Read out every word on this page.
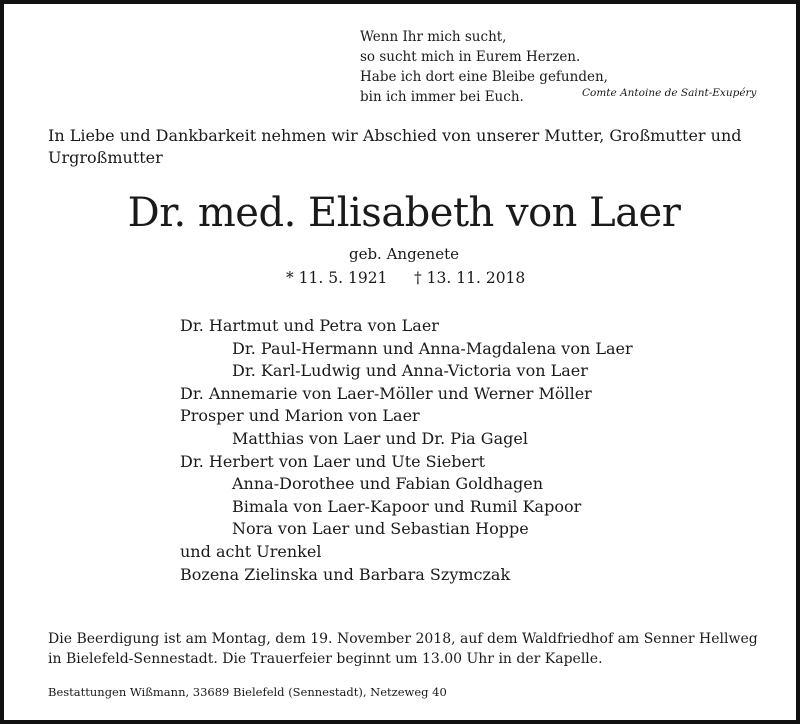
Wenn Ihr mich sucht,
so sucht mich in Eurem Herzen.
Habe ich dort eine Bleibe gefunden,
bin ich immer bei Euch.	Comte Antoine de Saint-Exupéry
In Liebe und Dankbarkeit nehmen wir Abschied von unserer Mutter, Großmutter und
Urgroßmutter
Dr. med. Elisabeth von Laer
geb. Angenete
* 11. 5. 1921 † 13. 11. 2018
Dr. Hartmut und Petra von Laer
Dr. Paul-Hermann und Anna-Magdalena von Laer
Dr. Karl-Ludwig und Anna-Victoria von Laer
Dr. Annemarie von Laer-Möller und Werner Möller
Prosper und Marion von Laer
Matthias von Laer und Dr. Pia Gagel
Dr. Herbert von Laer und Ute Siebert
Anna-Dorothee und Fabian Goldhagen
Bimala von Laer-Kapoor und Rumil Kapoor
Nora von Laer und Sebastian Hoppe
und acht Urenkel
Bozena Zielinska und Barbara Szymczak
Die Beerdigung ist am Montag, dem 19. November 2018, auf dem Waldfriedhof am Senner Hellweg
in Bielefeld-Sennestadt. Die Trauerfeier beginnt um 13.00 Uhr in der Kapelle.
Bestattungen Wißmann, 33689 Bielefeld (Sennestadt), Netzeweg 40
